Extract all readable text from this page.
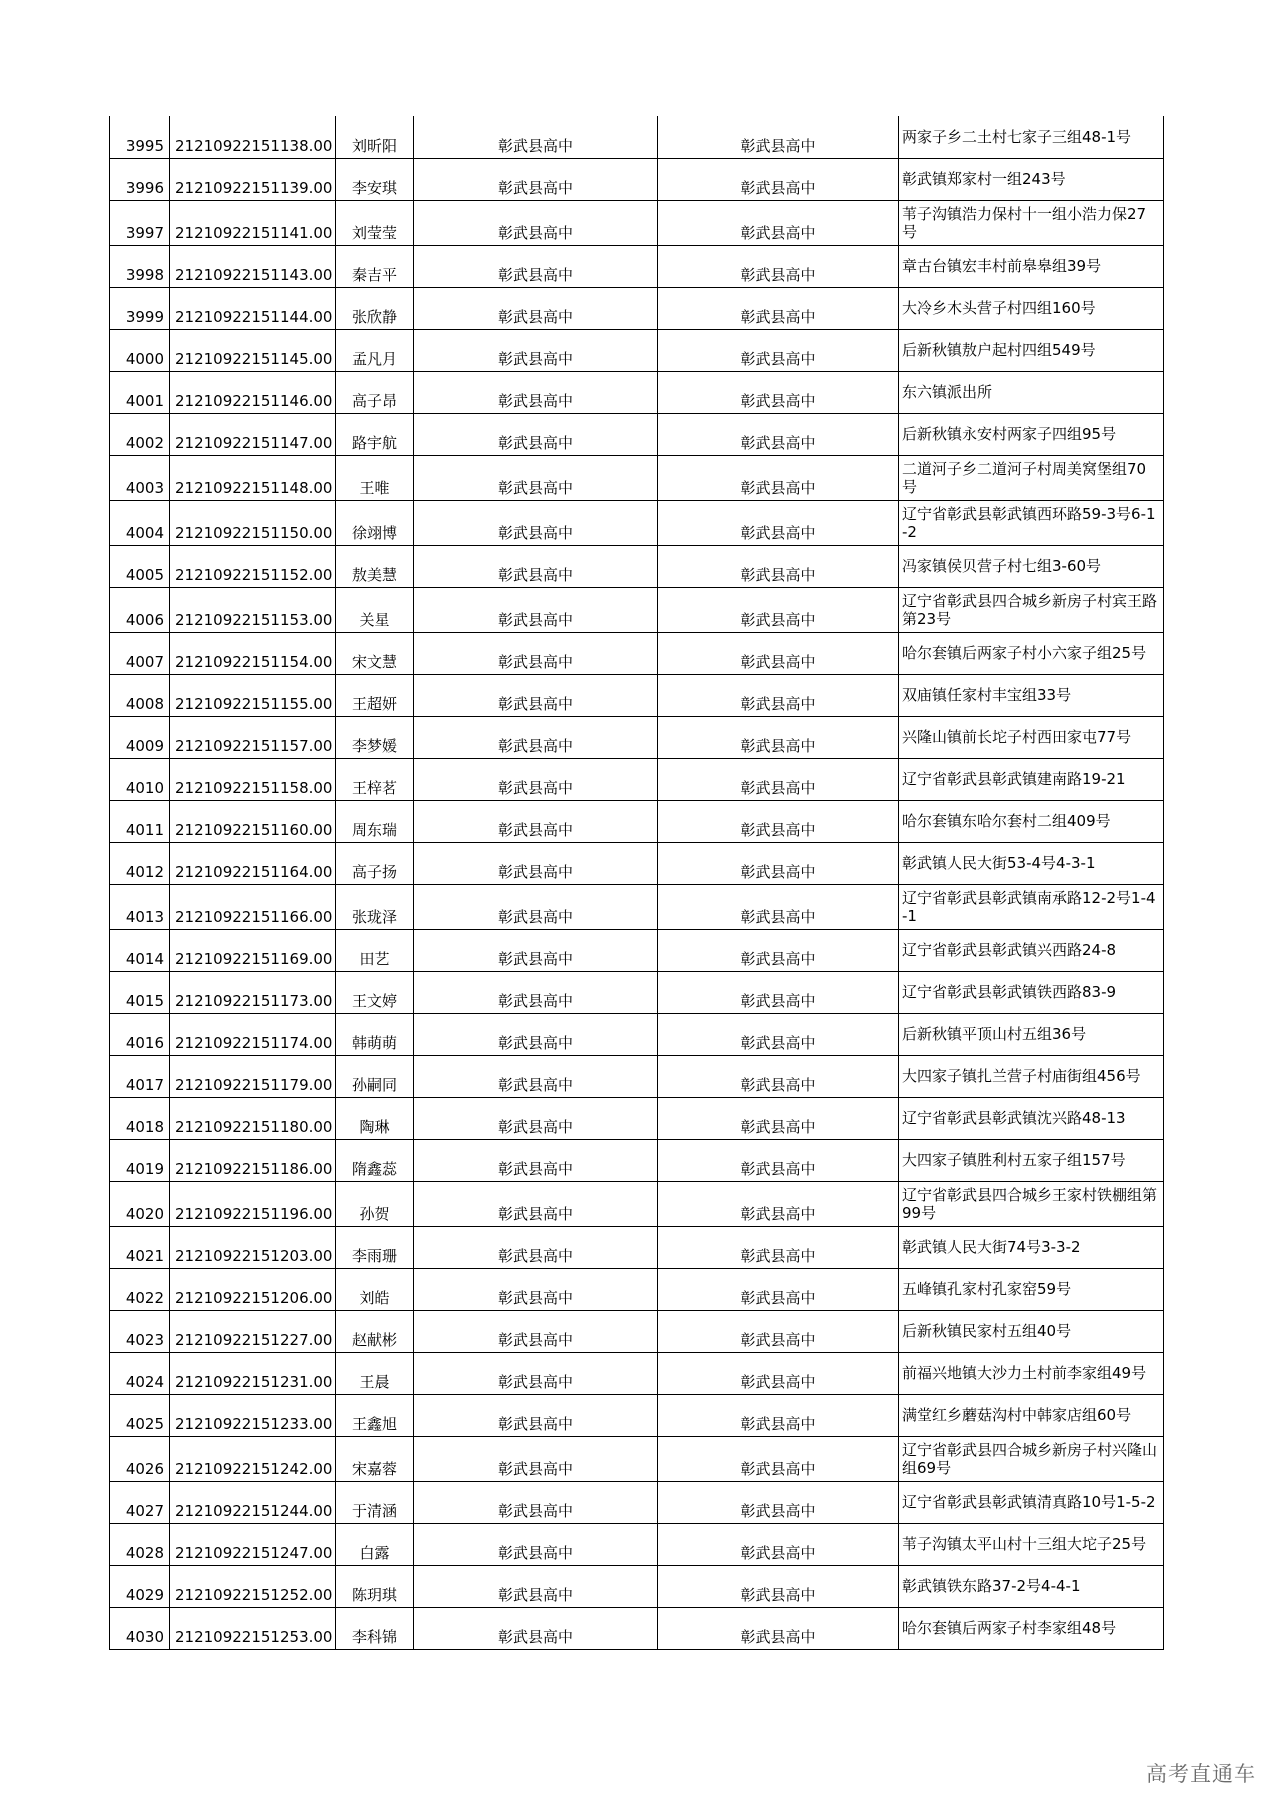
3995	21210922151138.00	刘昕阳	彰武县高中	彰武县高中	两家子乡二土村七家子三组48-1号
3996	21210922151139.00	李安琪	彰武县高中	彰武县高中	彰武镇郑家村一组243号
3997	21210922151141.00	刘莹莹	彰武县高中	彰武县高中	苇子沟镇浩力保村十一组小浩力保27号
3998	21210922151143.00	秦吉平	彰武县高中	彰武县高中	章古台镇宏丰村前皋皋组39号
3999	21210922151144.00	张欣静	彰武县高中	彰武县高中	大冷乡木头营子村四组160号
4000	21210922151145.00	孟凡月	彰武县高中	彰武县高中	后新秋镇敖户起村四组549号
4001	21210922151146.00	高子昂	彰武县高中	彰武县高中	东六镇派出所
4002	21210922151147.00	路宇航	彰武县高中	彰武县高中	后新秋镇永安村两家子四组95号
4003	21210922151148.00	王唯	彰武县高中	彰武县高中	二道河子乡二道河子村周美窝堡组70号
4004	21210922151150.00	徐翊博	彰武县高中	彰武县高中	辽宁省彰武县彰武镇西环路59-3号6-1-2
4005	21210922151152.00	敖美慧	彰武县高中	彰武县高中	冯家镇侯贝营子村七组3-60号
4006	21210922151153.00	关星	彰武县高中	彰武县高中	辽宁省彰武县四合城乡新房子村宾王路第23号
4007	21210922151154.00	宋文慧	彰武县高中	彰武县高中	哈尔套镇后两家子村小六家子组25号
4008	21210922151155.00	王超妍	彰武县高中	彰武县高中	双庙镇任家村丰宝组33号
4009	21210922151157.00	李梦媛	彰武县高中	彰武县高中	兴隆山镇前长坨子村西田家屯77号
4010	21210922151158.00	王梓茗	彰武县高中	彰武县高中	辽宁省彰武县彰武镇建南路19-21
4011	21210922151160.00	周东瑞	彰武县高中	彰武县高中	哈尔套镇东哈尔套村二组409号
4012	21210922151164.00	高子扬	彰武县高中	彰武县高中	彰武镇人民大街53-4号4-3-1
4013	21210922151166.00	张珑泽	彰武县高中	彰武县高中	辽宁省彰武县彰武镇南承路12-2号1-4-1
4014	21210922151169.00	田艺	彰武县高中	彰武县高中	辽宁省彰武县彰武镇兴西路24-8
4015	21210922151173.00	王文婷	彰武县高中	彰武县高中	辽宁省彰武县彰武镇铁西路83-9
4016	21210922151174.00	韩萌萌	彰武县高中	彰武县高中	后新秋镇平顶山村五组36号
4017	21210922151179.00	孙嗣同	彰武县高中	彰武县高中	大四家子镇扎兰营子村庙街组456号
4018	21210922151180.00	陶琳	彰武县高中	彰武县高中	辽宁省彰武县彰武镇沈兴路48-13
4019	21210922151186.00	隋鑫蕊	彰武县高中	彰武县高中	大四家子镇胜利村五家子组157号
4020	21210922151196.00	孙贺	彰武县高中	彰武县高中	辽宁省彰武县四合城乡王家村铁棚组第99号
4021	21210922151203.00	李雨珊	彰武县高中	彰武县高中	彰武镇人民大街74号3-3-2
4022	21210922151206.00	刘皓	彰武县高中	彰武县高中	五峰镇孔家村孔家窑59号
4023	21210922151227.00	赵献彬	彰武县高中	彰武县高中	后新秋镇民家村五组40号
4024	21210922151231.00	王晨	彰武县高中	彰武县高中	前福兴地镇大沙力土村前李家组49号
4025	21210922151233.00	王鑫旭	彰武县高中	彰武县高中	满堂红乡蘑菇沟村中韩家店组60号
4026	21210922151242.00	宋嘉蓉	彰武县高中	彰武县高中	辽宁省彰武县四合城乡新房子村兴隆山组69号
4027	21210922151244.00	于清涵	彰武县高中	彰武县高中	辽宁省彰武县彰武镇清真路10号1-5-2
4028	21210922151247.00	白露	彰武县高中	彰武县高中	苇子沟镇太平山村十三组大坨子25号
4029	21210922151252.00	陈玥琪	彰武县高中	彰武县高中	彰武镇铁东路37-2号4-4-1
4030	21210922151253.00	李科锦	彰武县高中	彰武县高中	哈尔套镇后两家子村李家组48号
高考直通车
